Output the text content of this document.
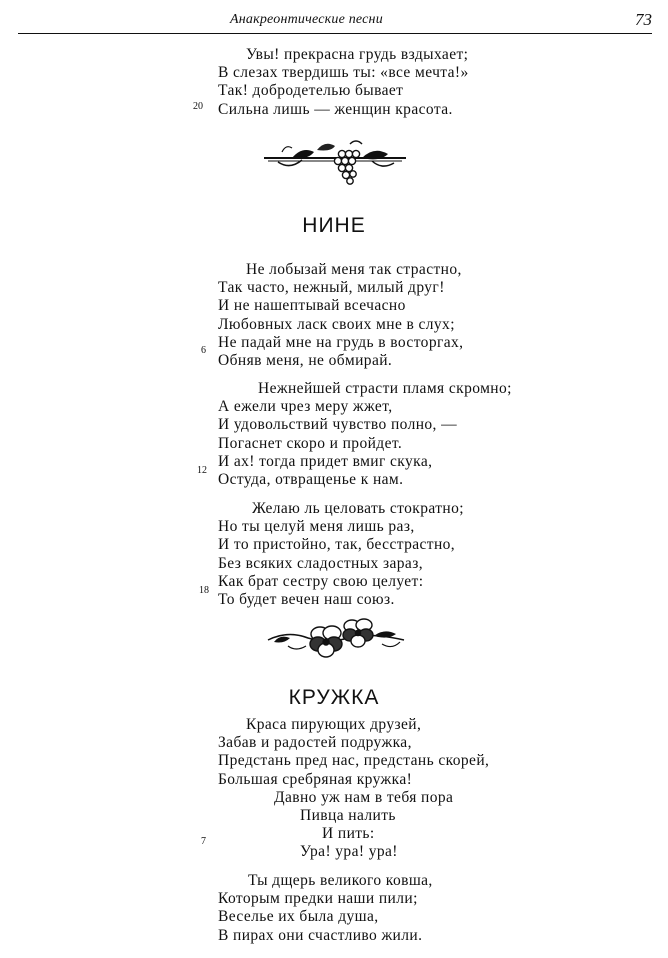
Анакреонтические песни	73
Увы! прекрасна грудь вздыхает;
В слезах твердишь ты: «все мечта!»
Так! добродетелью бывает
Сильна лишь — женщин красота.
20
НИНЕ
Не лобызай меня так страстно,
Так часто, нежный, милый друг!
И не нашептывай всечасно
Любовных ласк своих мне в слух;
Не падай мне на грудь в восторгах,
Обняв меня, не обмирай.
6
Нежнейшей страсти пламя скромно;
А ежели чрез меру жжет,
И удовольствий чувство полно, —
Погаснет скоро и пройдет.
И ах! тогда придет вмиг скука,
Остуда, отвращенье к нам.
12
Желаю ль целовать стократно;
Но ты целуй меня лишь раз,
И то пристойно, так, бесстрастно,
Без всяких сладостных зараз,
Как брат сестру свою целует:
То будет вечен наш союз.
18
КРУЖКА
Краса пирующих друзей,
Забав и радостей подружка,
Предстань пред нас, предстань скорей,
Большая сребряная кружка!
Давно уж нам в тебя пора
Пивца налить
И пить:
Ура! ура! ура!
7
Ты дщерь великого ковша,
Которым предки наши пили;
Веселье их была душа,
В пирах они счастливо жили.
